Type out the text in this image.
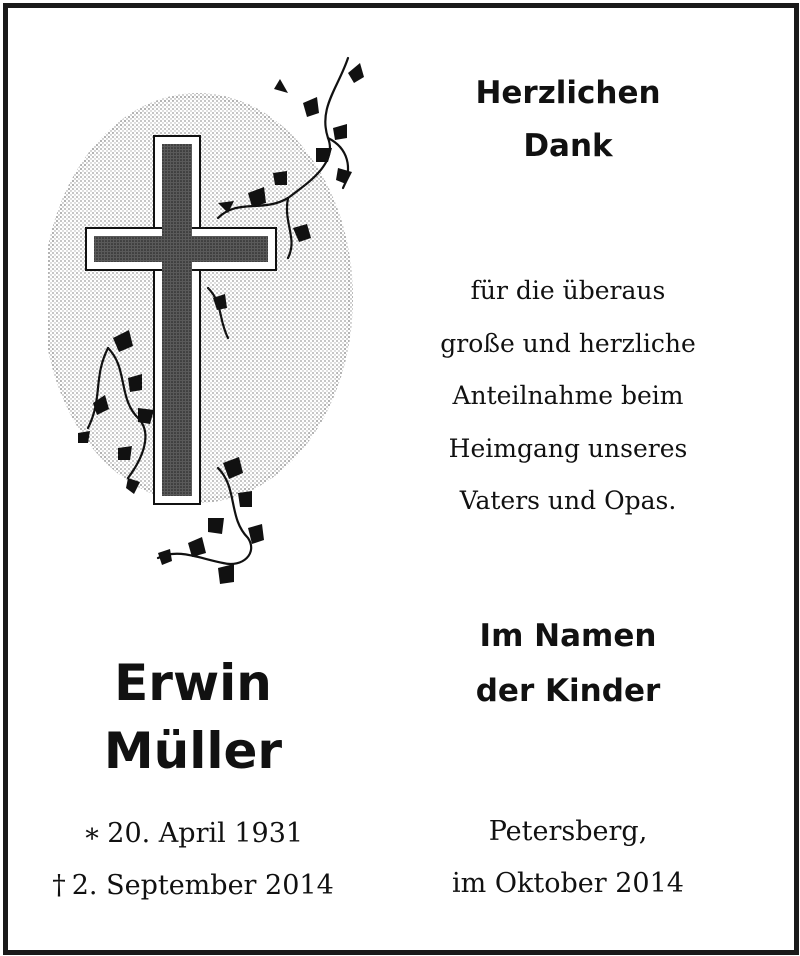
Erwin
Müller
∗ 20. April 1931
† 2. September 2014
Herzlichen
Dank
für die überaus
große und herzliche
Anteilnahme beim
Heimgang unseres
Vaters und Opas.
Im Namen
der Kinder
Petersberg,
im Oktober 2014
